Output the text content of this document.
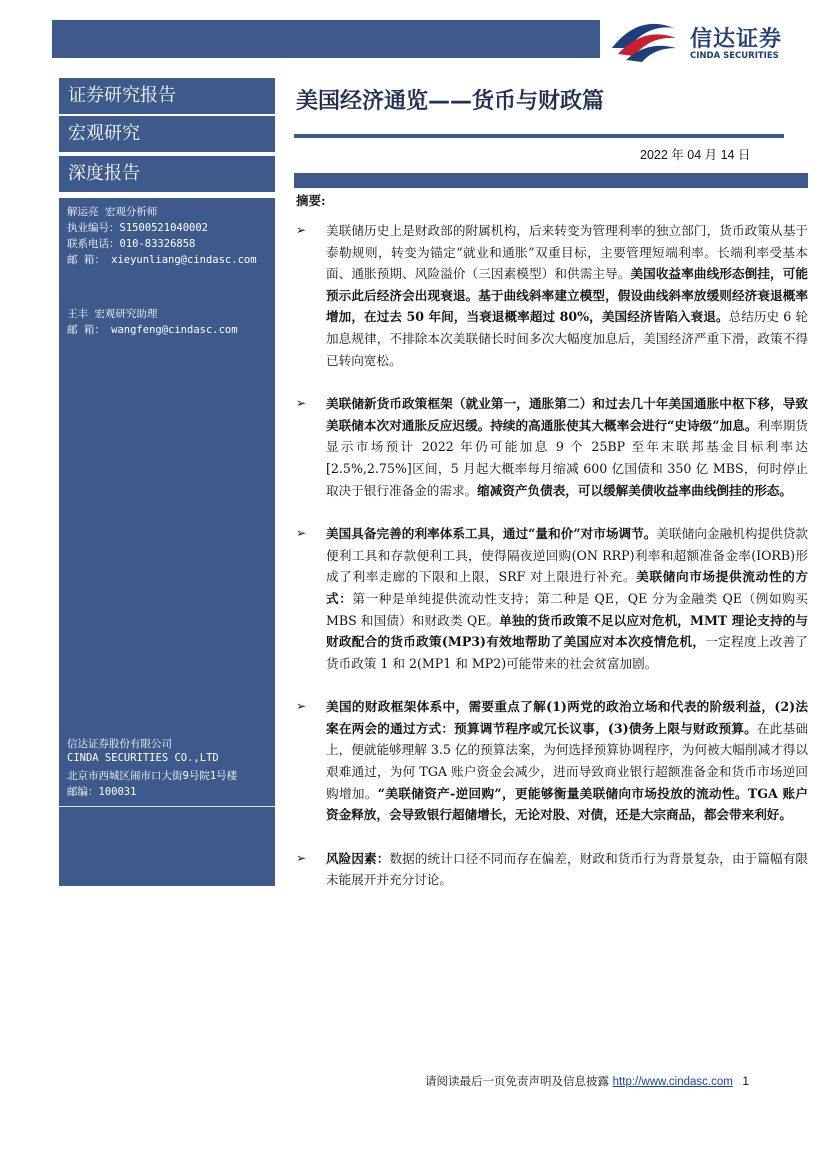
信达证券
CINDA SECURITIES
证券研究报告
宏观研究
深度报告
解运亮 宏观分析师
执业编号：S1500521040002
联系电话：010-83326858
邮 箱： xieyunliang@cindasc.com
王丰 宏观研究助理
邮 箱： wangfeng@cindasc.com
信达证券股份有限公司
CINDA SECURITIES CO.,LTD
北京市西城区闹市口大街9号院1号楼
邮编：100031
美国经济通览——货币与财政篇
2022 年 04 月 14 日
摘要:
➢ 美联储历史上是财政部的附属机构，后来转变为管理利率的独立部门，货币政策从基于泰勒规则，转变为锚定“就业和通胀”双重目标，主要管理短端利率。长端利率受基本面、通胀预期、风险溢价（三因素模型）和供需主导。美国收益率曲线形态倒挂，可能预示此后经济会出现衰退。基于曲线斜率建立模型，假设曲线斜率放缓则经济衰退概率增加，在过去 50 年间，当衰退概率超过 80%，美国经济皆陷入衰退。总结历史 6 轮加息规律，不排除本次美联储长时间多次大幅度加息后，美国经济严重下滑，政策不得已转向宽松。
➢ 美联储新货币政策框架（就业第一，通胀第二）和过去几十年美国通胀中枢下移，导致美联储本次对通胀反应迟缓。持续的高通胀使其大概率会进行“史诗级”加息。利率期货显示市场预计 2022 年仍可能加息 9 个 25BP 至年末联邦基金目标利率达[2.5%,2.75%]区间，5 月起大概率每月缩减 600 亿国债和 350 亿 MBS，何时停止取决于银行准备金的需求。缩减资产负债表，可以缓解美债收益率曲线倒挂的形态。
➢ 美国具备完善的利率体系工具，通过“量和价”对市场调节。美联储向金融机构提供贷款便利工具和存款便利工具，使得隔夜逆回购(ON RRP)利率和超额准备金率(IORB)形成了利率走廊的下限和上限，SRF 对上限进行补充。美联储向市场提供流动性的方式：第一种是单纯提供流动性支持；第二种是 QE，QE 分为金融类 QE（例如购买 MBS 和国债）和财政类 QE。单独的货币政策不足以应对危机，MMT 理论支持的与财政配合的货币政策(MP3)有效地帮助了美国应对本次疫情危机，一定程度上改善了货币政策 1 和 2(MP1 和 MP2)可能带来的社会贫富加剧。
➢ 美国的财政框架体系中，需要重点了解(1)两党的政治立场和代表的阶级利益，(2)法案在两会的通过方式：预算调节程序或冗长议事，(3)债务上限与财政预算。在此基础上，便就能够理解 3.5 亿的预算法案，为何选择预算协调程序，为何被大幅削减才得以艰难通过，为何 TGA 账户资金会减少，进而导致商业银行超额准备金和货币市场逆回购增加。“美联储资产-逆回购”，更能够衡量美联储向市场投放的流动性。TGA 账户资金释放，会导致银行超储增长，无论对股、对债，还是大宗商品，都会带来利好。
➢ 风险因素：数据的统计口径不同而存在偏差，财政和货币行为背景复杂，由于篇幅有限未能展开并充分讨论。
请阅读最后一页免责声明及信息披露 http://www.cindasc.com 1
